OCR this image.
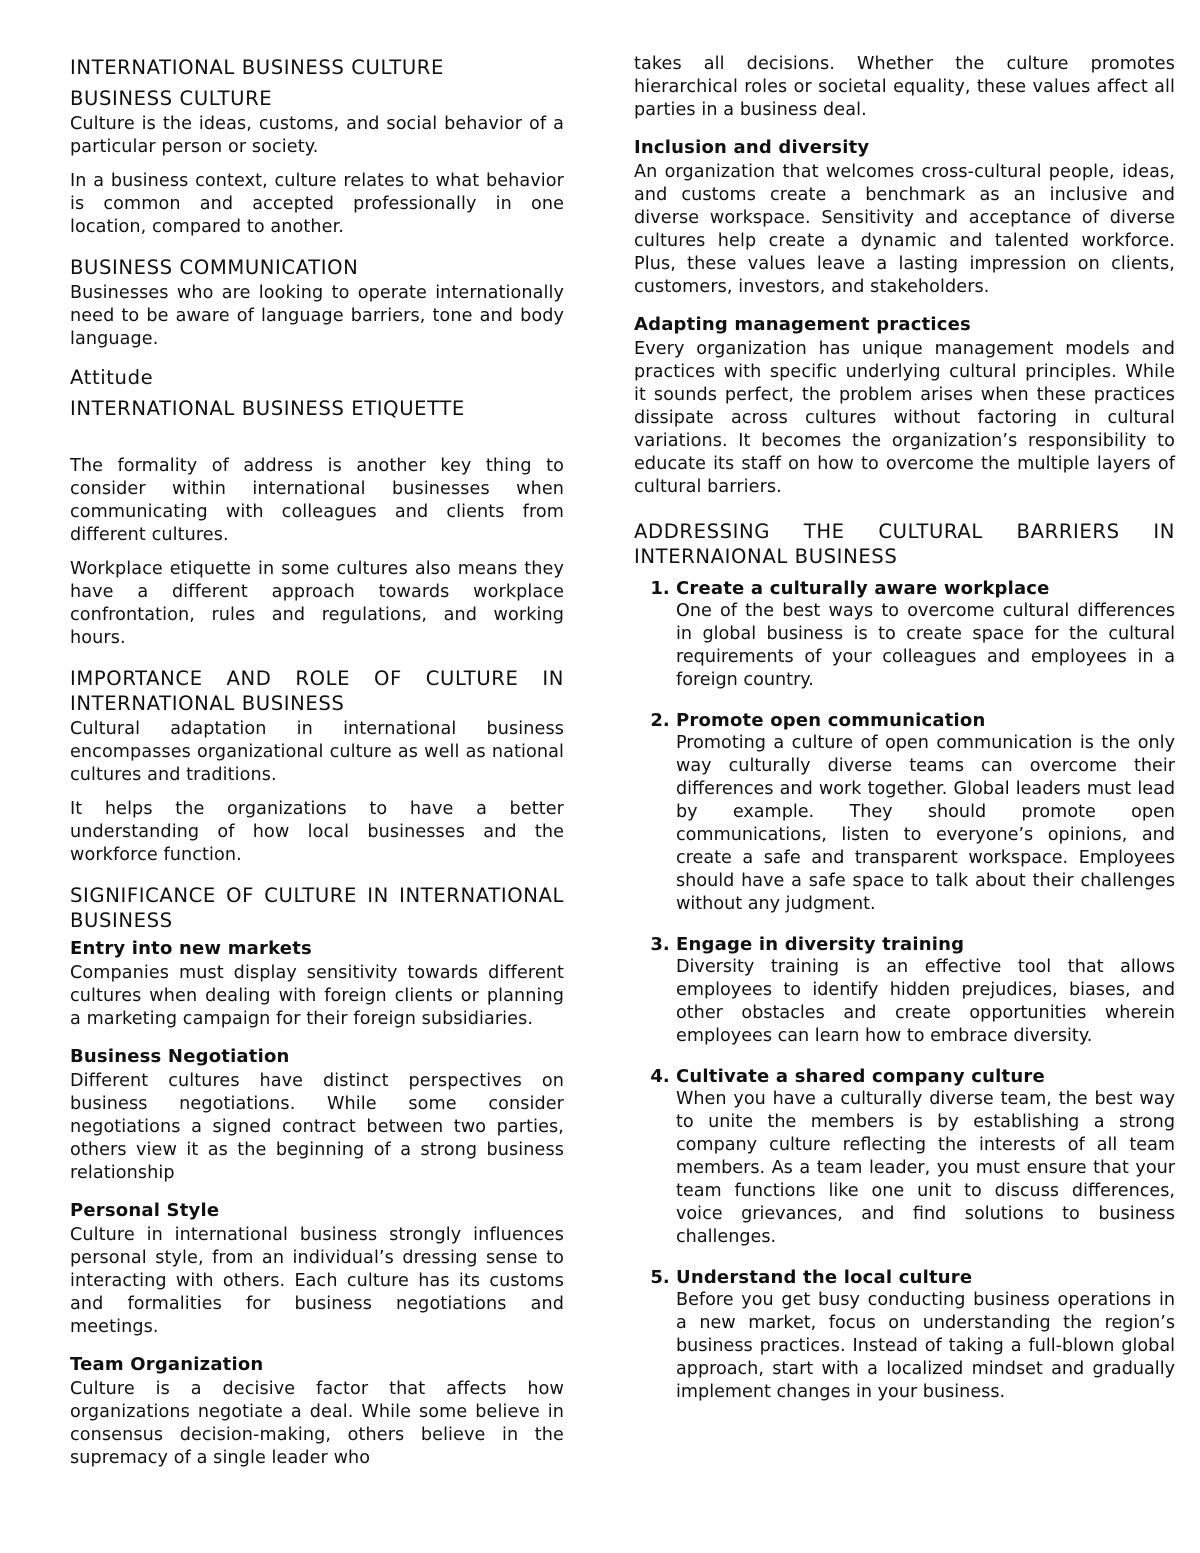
INTERNATIONAL BUSINESS CULTURE
BUSINESS CULTURE

Culture is the ideas, customs, and social behavior of a particular person or society.

In a business context, culture relates to what behavior is common and accepted professionally in one location, compared to another.

BUSINESS COMMUNICATION

Businesses who are looking to operate internationally need to be aware of language barriers, tone and body language.

Attitude
INTERNATIONAL BUSINESS ETIQUETTE

The formality of address is another key thing to consider within international businesses when communicating with colleagues and clients from different cultures.

Workplace etiquette in some cultures also means they have a different approach towards workplace confrontation, rules and regulations, and working hours.

IMPORTANCE AND ROLE OF CULTURE IN INTERNATIONAL BUSINESS

Cultural adaptation in international business encompasses organizational culture as well as national cultures and traditions.

It helps the organizations to have a better understanding of how local businesses and the workforce function.

SIGNIFICANCE OF CULTURE IN INTERNATIONAL BUSINESS
Entry into new markets

Companies must display sensitivity towards different cultures when dealing with foreign clients or planning a marketing campaign for their foreign subsidiaries.

Business Negotiation

Different cultures have distinct perspectives on business negotiations. While some consider negotiations a signed contract between two parties, others view it as the beginning of a strong business relationship

Personal Style

Culture in international business strongly influences personal style, from an individual’s dressing sense to interacting with others. Each culture has its customs and formalities for business negotiations and meetings.

Team Organization

Culture is a decisive factor that affects how organizations negotiate a deal. While some believe in consensus decision-making, others believe in the supremacy of a single leader who

takes all decisions. Whether the culture promotes hierarchical roles or societal equality, these values affect all parties in a business deal.

Inclusion and diversity

An organization that welcomes cross-cultural people, ideas, and customs create a benchmark as an inclusive and diverse workspace. Sensitivity and acceptance of diverse cultures help create a dynamic and talented workforce. Plus, these values leave a lasting impression on clients, customers, investors, and stakeholders.

Adapting management practices

Every organization has unique management models and practices with specific underlying cultural principles. While it sounds perfect, the problem arises when these practices dissipate across cultures without factoring in cultural variations. It becomes the organization’s responsibility to educate its staff on how to overcome the multiple layers of cultural barriers.

ADDRESSING THE CULTURAL BARRIERS IN INTERNAIONAL BUSINESS
1. Create a culturally aware workplace
One of the best ways to overcome cultural differences in global business is to create space for the cultural requirements of your colleagues and employees in a foreign country.
2. Promote open communication
Promoting a culture of open communication is the only way culturally diverse teams can overcome their differences and work together. Global leaders must lead by example. They should promote open communications, listen to everyone’s opinions, and create a safe and transparent workspace. Employees should have a safe space to talk about their challenges without any judgment.
3. Engage in diversity training
Diversity training is an effective tool that allows employees to identify hidden prejudices, biases, and other obstacles and create opportunities wherein employees can learn how to embrace diversity.
4. Cultivate a shared company culture
When you have a culturally diverse team, the best way to unite the members is by establishing a strong company culture reflecting the interests of all team members. As a team leader, you must ensure that your team functions like one unit to discuss differences, voice grievances, and find solutions to business challenges.
5. Understand the local culture
Before you get busy conducting business operations in a new market, focus on understanding the region’s business practices. Instead of taking a full-blown global approach, start with a localized mindset and gradually implement changes in your business.
